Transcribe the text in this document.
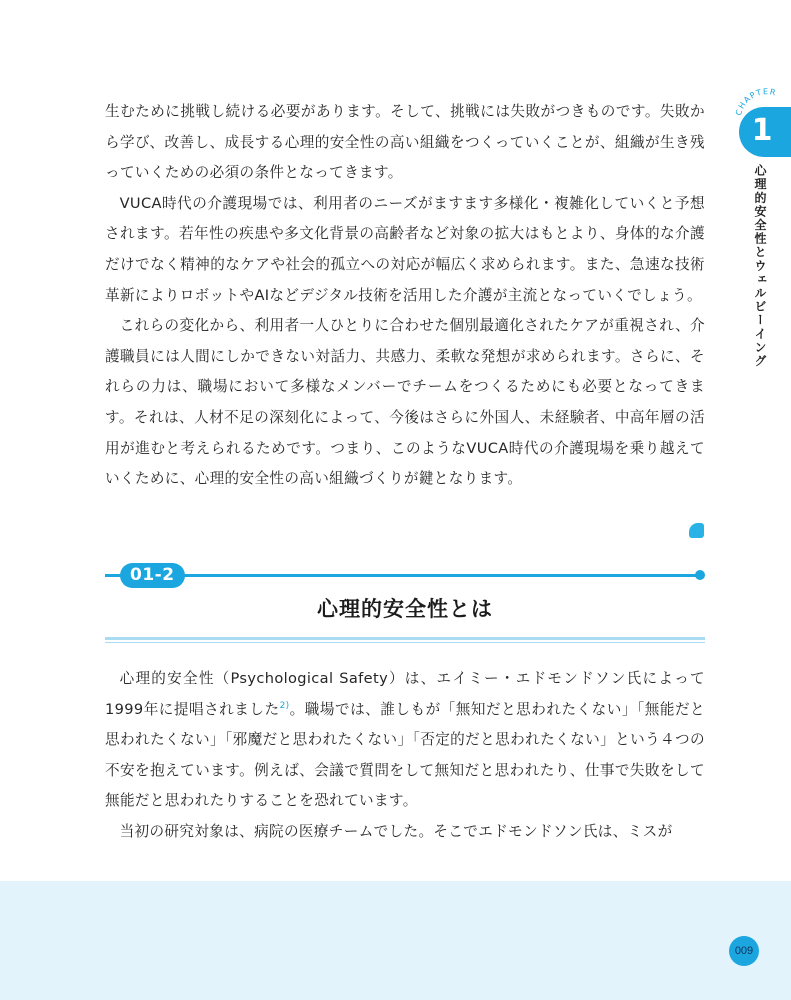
生むために挑戦し続ける必要があります。そして、挑戦には失敗がつきものです。失敗から学び、改善し、成長する心理的安全性の高い組織をつくっていくことが、組織が生き残っていくための必須の条件となってきます。

VUCA時代の介護現場では、利用者のニーズがますます多様化・複雑化していくと予想されます。若年性の疾患や多文化背景の高齢者など対象の拡大はもとより、身体的な介護だけでなく精神的なケアや社会的孤立への対応が幅広く求められます。また、急速な技術革新によりロボットやAIなどデジタル技術を活用した介護が主流となっていくでしょう。

これらの変化から、利用者一人ひとりに合わせた個別最適化されたケアが重視され、介護職員には人間にしかできない対話力、共感力、柔軟な発想が求められます。さらに、それらの力は、職場において多様なメンバーでチームをつくるためにも必要となってきます。それは、人材不足の深刻化によって、今後はさらに外国人、未経験者、中高年層の活用が進むと考えられるためです。つまり、このようなVUCA時代の介護現場を乗り越えていくために、心理的安全性の高い組織づくりが鍵となります。

01-2
心理的安全性とは

心理的安全性（Psychological Safety）は、エイミー・エドモンドソン氏によって1999年に提唱されました$^{2)}$。職場では、誰しもが「無知だと思われたくない」「無能だと思われたくない」「邪魔だと思われたくない」「否定的だと思われたくない」という４つの不安を抱えています。例えば、会議で質問をして無知だと思われたり、仕事で失敗をして無能だと思われたりすることを恐れています。

当初の研究対象は、病院の医療チームでした。そこでエドモンドソン氏は、ミスが

1
CHAPTER
心理的安全性とウェルビーイング
009
